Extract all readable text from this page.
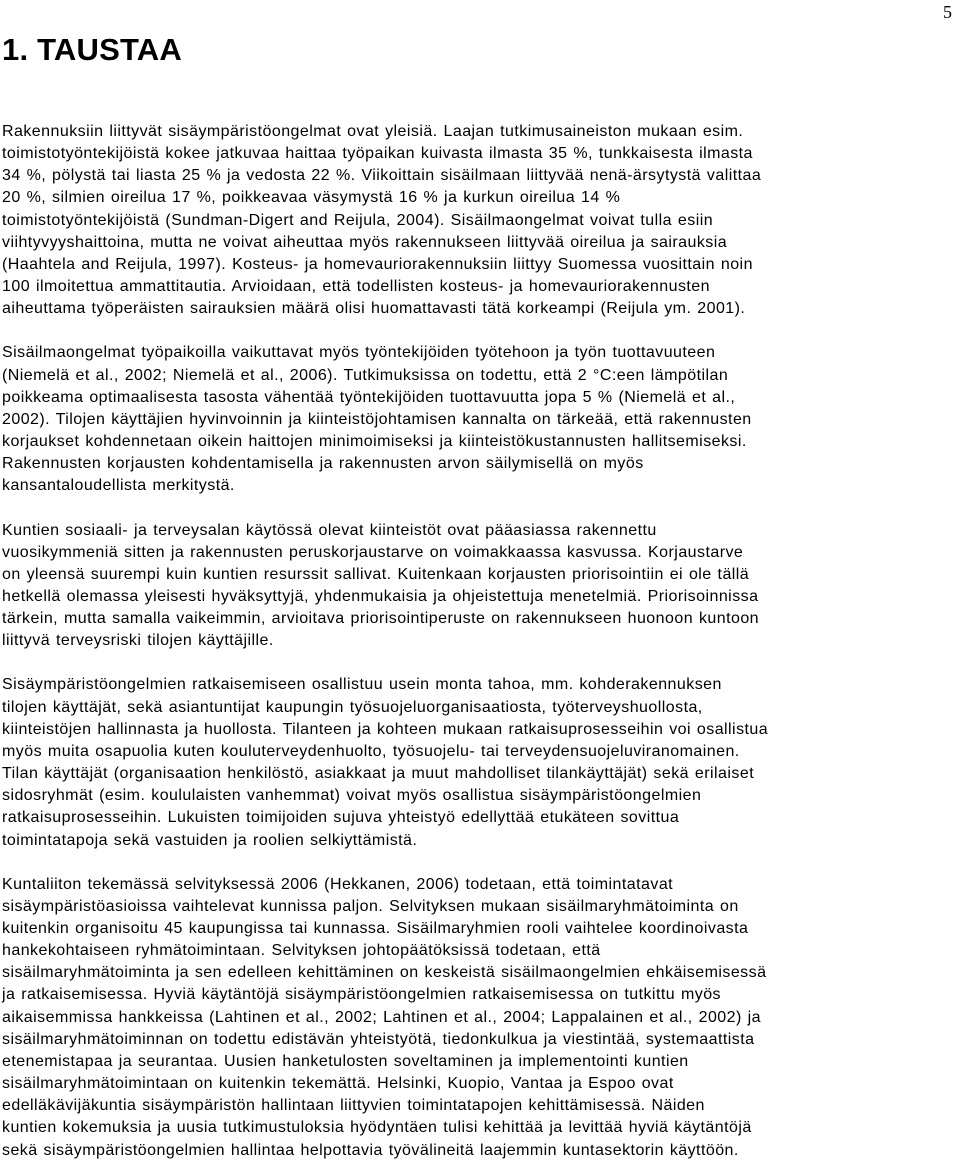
5
1. TAUSTAA
Rakennuksiin liittyvät sisäympäristöongelmat ovat yleisiä. Laajan tutkimusaineiston mukaan esim.
toimistotyöntekijöistä kokee jatkuvaa haittaa työpaikan kuivasta ilmasta 35 %, tunkkaisesta ilmasta
34 %, pölystä tai liasta 25 % ja vedosta 22 %. Viikoittain sisäilmaan liittyvää nenä-ärsytystä valittaa
20 %, silmien oireilua 17 %, poikkeavaa väsymystä 16 % ja kurkun oireilua 14 %
toimistotyöntekijöistä (Sundman-Digert and Reijula, 2004). Sisäilmaongelmat voivat tulla esiin
viihtyvyyshaittoina, mutta ne voivat aiheuttaa myös rakennukseen liittyvää oireilua ja sairauksia
(Haahtela and Reijula, 1997). Kosteus- ja homevauriorakennuksiin liittyy Suomessa vuosittain noin
100 ilmoitettua ammattitautia. Arvioidaan, että todellisten kosteus- ja homevauriorakennusten
aiheuttama työperäisten sairauksien määrä olisi huomattavasti tätä korkeampi (Reijula ym. 2001).
Sisäilmaongelmat työpaikoilla vaikuttavat myös työntekijöiden työtehoon ja työn tuottavuuteen
(Niemelä et al., 2002; Niemelä et al., 2006). Tutkimuksissa on todettu, että 2 °C:een lämpötilan
poikkeama optimaalisesta tasosta vähentää työntekijöiden tuottavuutta jopa 5 % (Niemelä et al.,
2002). Tilojen käyttäjien hyvinvoinnin ja kiinteistöjohtamisen kannalta on tärkeää, että rakennusten
korjaukset kohdennetaan oikein haittojen minimoimiseksi ja kiinteistökustannusten hallitsemiseksi.
Rakennusten korjausten kohdentamisella ja rakennusten arvon säilymisellä on myös
kansantaloudellista merkitystä.
Kuntien sosiaali- ja terveysalan käytössä olevat kiinteistöt ovat pääasiassa rakennettu
vuosikymmeniä sitten ja rakennusten peruskorjaustarve on voimakkaassa kasvussa. Korjaustarve
on yleensä suurempi kuin kuntien resurssit sallivat. Kuitenkaan korjausten priorisointiin ei ole tällä
hetkellä olemassa yleisesti hyväksyttyjä, yhdenmukaisia ja ohjeistettuja menetelmiä. Priorisoinnissa
tärkein, mutta samalla vaikeimmin, arvioitava priorisointiperuste on rakennukseen huonoon kuntoon
liittyvä terveysriski tilojen käyttäjille.
Sisäympäristöongelmien ratkaisemiseen osallistuu usein monta tahoa, mm. kohderakennuksen
tilojen käyttäjät, sekä asiantuntijat kaupungin työsuojeluorganisaatiosta, työterveyshuollosta,
kiinteistöjen hallinnasta ja huollosta. Tilanteen ja kohteen mukaan ratkaisuprosesseihin voi osallistua
myös muita osapuolia kuten kouluterveydenhuolto, työsuojelu- tai terveydensuojeluviranomainen.
Tilan käyttäjät (organisaation henkilöstö, asiakkaat ja muut mahdolliset tilankäyttäjät) sekä erilaiset
sidosryhmät (esim. koululaisten vanhemmat) voivat myös osallistua sisäympäristöongelmien
ratkaisuprosesseihin. Lukuisten toimijoiden sujuva yhteistyö edellyttää etukäteen sovittua
toimintatapoja sekä vastuiden ja roolien selkiyttämistä.
Kuntaliiton tekemässä selvityksessä 2006 (Hekkanen, 2006) todetaan, että toimintatavat
sisäympäristöasioissa vaihtelevat kunnissa paljon. Selvityksen mukaan sisäilmaryhmätoiminta on
kuitenkin organisoitu 45 kaupungissa tai kunnassa. Sisäilmaryhmien rooli vaihtelee koordinoivasta
hankekohtaiseen ryhmätoimintaan. Selvityksen johtopäätöksissä todetaan, että
sisäilmaryhmätoiminta ja sen edelleen kehittäminen on keskeistä sisäilmaongelmien ehkäisemisessä
ja ratkaisemisessa. Hyviä käytäntöjä sisäympäristöongelmien ratkaisemisessa on tutkittu myös
aikaisemmissa hankkeissa (Lahtinen et al., 2002; Lahtinen et al., 2004; Lappalainen et al., 2002) ja
sisäilmaryhmätoiminnan on todettu edistävän yhteistyötä, tiedonkulkua ja viestintää, systemaattista
etenemistapaa ja seurantaa. Uusien hanketulosten soveltaminen ja implementointi kuntien
sisäilmaryhmätoimintaan on kuitenkin tekemättä. Helsinki, Kuopio, Vantaa ja Espoo ovat
edelläkävijäkuntia sisäympäristön hallintaan liittyvien toimintatapojen kehittämisessä. Näiden
kuntien kokemuksia ja uusia tutkimustuloksia hyödyntäen tulisi kehittää ja levittää hyviä käytäntöjä
sekä sisäympäristöongelmien hallintaa helpottavia työvälineitä laajemmin kuntasektorin käyttöön.
